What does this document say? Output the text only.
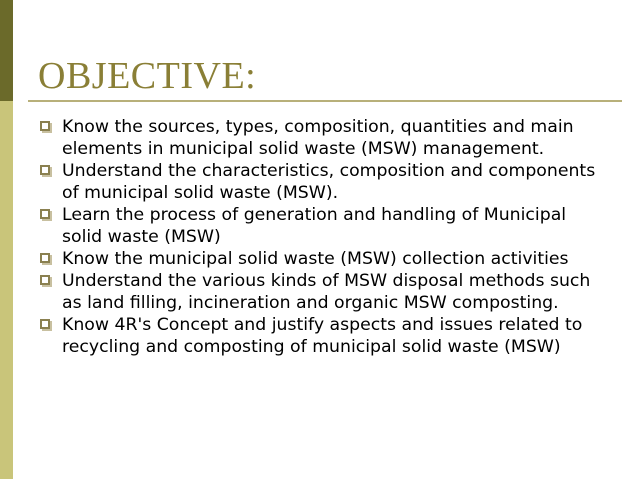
OBJECTIVE:
Know the sources, types, composition, quantities and main elements in municipal solid waste (MSW) management.
Understand the characteristics, composition and components of municipal solid waste (MSW).
Learn the process of generation and handling of Municipal solid waste (MSW)
Know the municipal solid waste (MSW) collection activities
Understand the various kinds of MSW disposal methods such as land filling, incineration and organic MSW composting.
Know 4R's Concept and justify aspects and issues related to recycling and composting of municipal solid waste (MSW)
